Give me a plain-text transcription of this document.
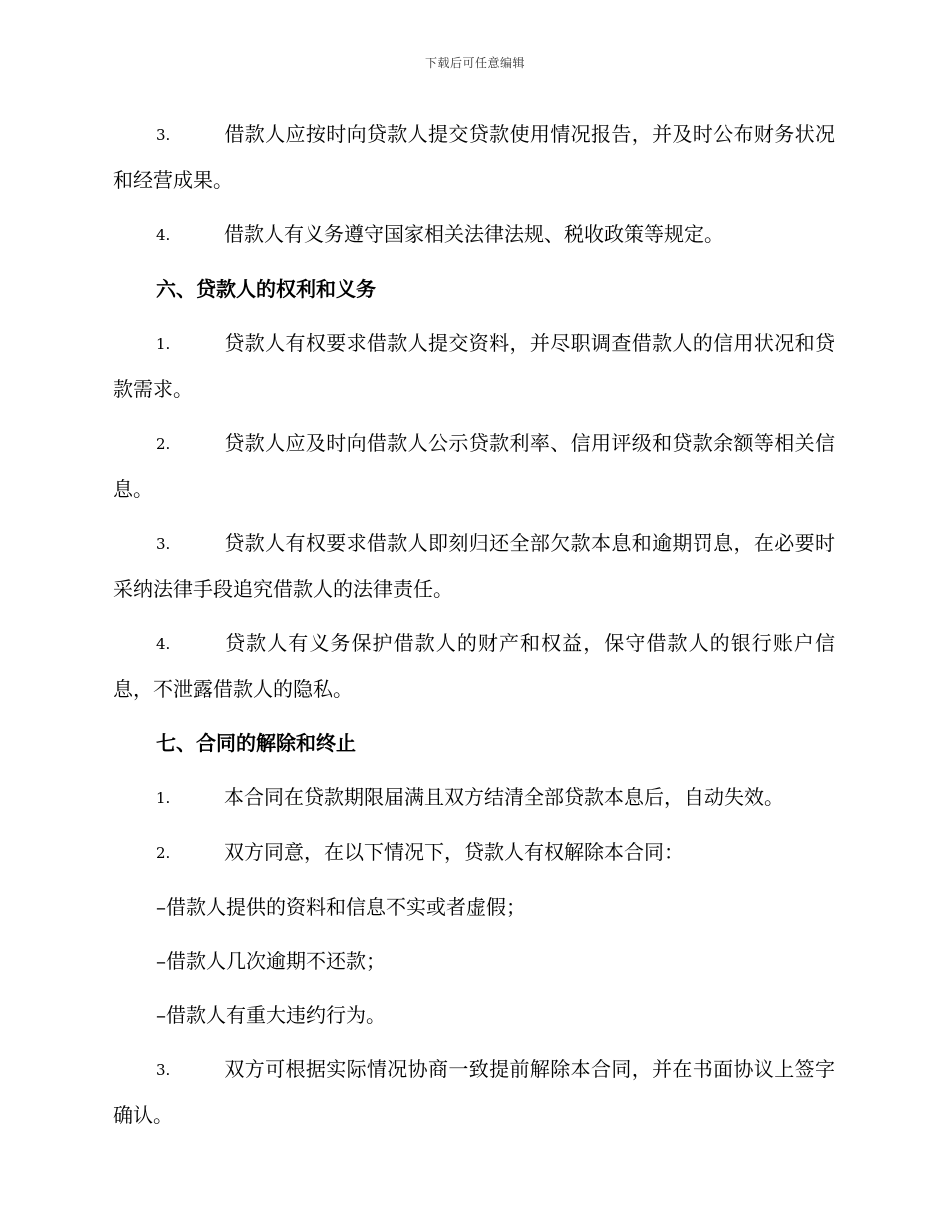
下载后可任意编辑

3.	借款人应按时向贷款人提交贷款使用情况报告，并及时公布财务状况和经营成果。

4.	借款人有义务遵守国家相关法律法规、税收政策等规定。

六、贷款人的权利和义务

1.	贷款人有权要求借款人提交资料，并尽职调查借款人的信用状况和贷款需求。

2.	贷款人应及时向借款人公示贷款利率、信用评级和贷款余额等相关信息。

3.	贷款人有权要求借款人即刻归还全部欠款本息和逾期罚息，在必要时采纳法律手段追究借款人的法律责任。

4.	贷款人有义务保护借款人的财产和权益，保守借款人的银行账户信息，不泄露借款人的隐私。

七、合同的解除和终止

1.	本合同在贷款期限届满且双方结清全部贷款本息后，自动失效。

2.	双方同意，在以下情况下，贷款人有权解除本合同：

–借款人提供的资料和信息不实或者虚假；
–借款人几次逾期不还款；
–借款人有重大违约行为。

3.	双方可根据实际情况协商一致提前解除本合同，并在书面协议上签字确认。
